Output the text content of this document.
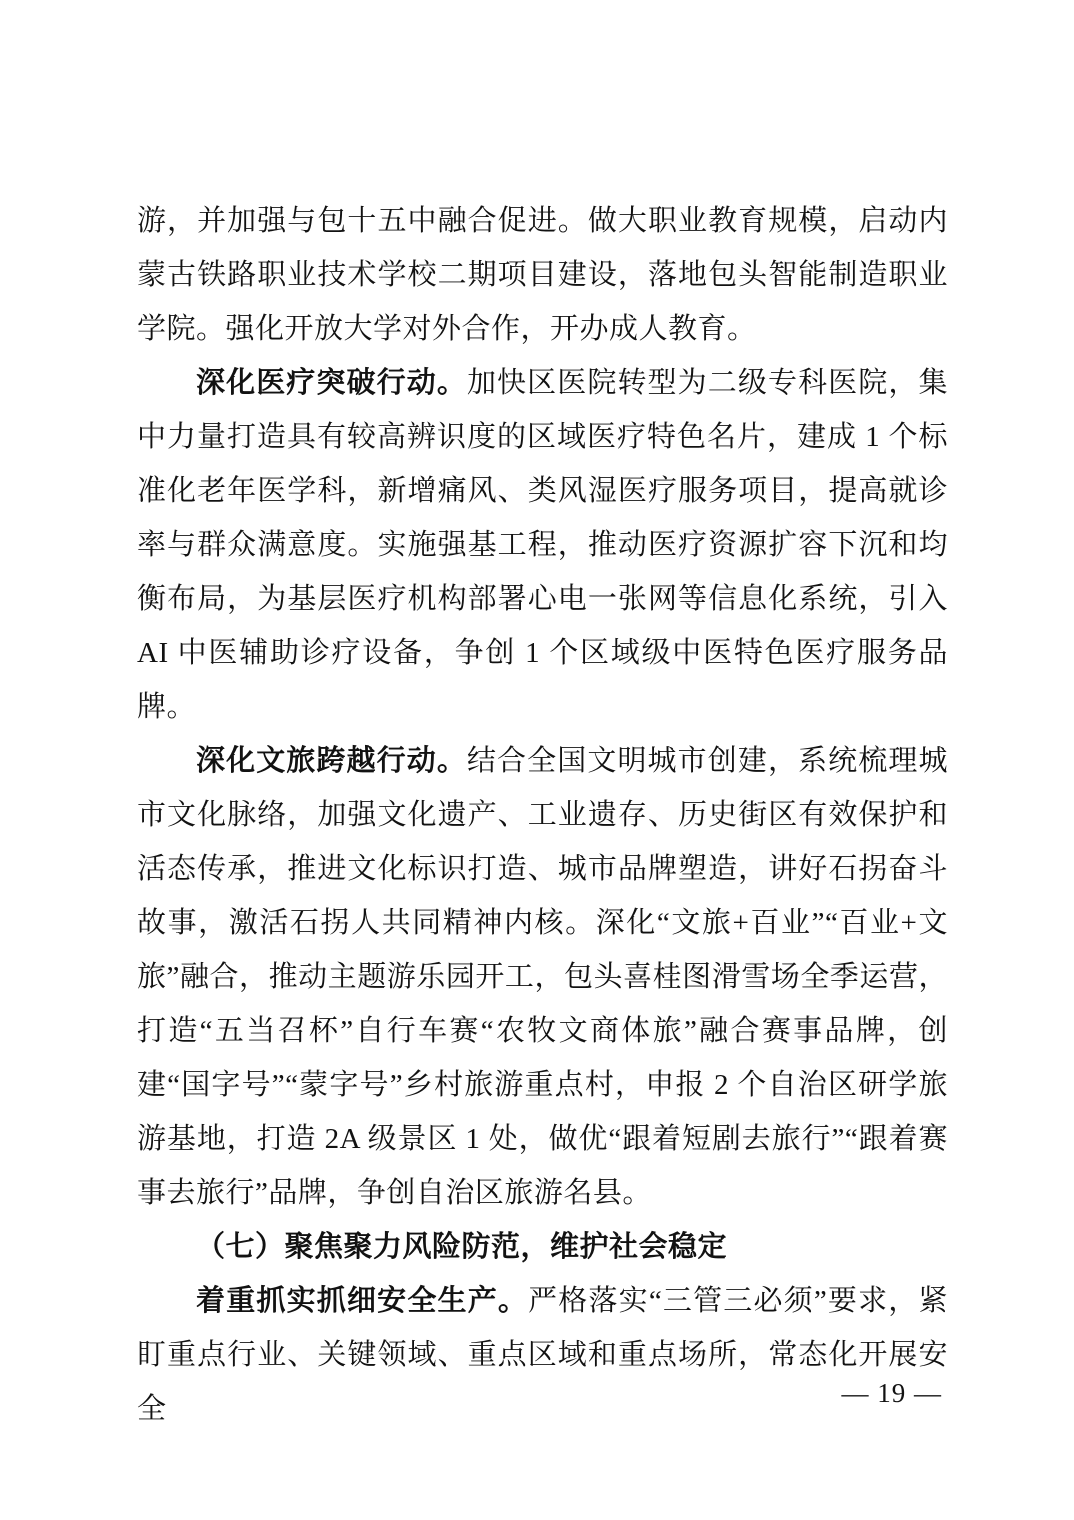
游，并加强与包十五中融合促进。做大职业教育规模，启动内蒙古铁路职业技术学校二期项目建设，落地包头智能制造职业学院。强化开放大学对外合作，开办成人教育。

深化医疗突破行动。加快区医院转型为二级专科医院，集中力量打造具有较高辨识度的区域医疗特色名片，建成 1 个标准化老年医学科，新增痛风、类风湿医疗服务项目，提高就诊率与群众满意度。实施强基工程，推动医疗资源扩容下沉和均衡布局，为基层医疗机构部署心电一张网等信息化系统，引入 AI 中医辅助诊疗设备，争创 1 个区域级中医特色医疗服务品牌。

深化文旅跨越行动。结合全国文明城市创建，系统梳理城市文化脉络，加强文化遗产、工业遗存、历史街区有效保护和活态传承，推进文化标识打造、城市品牌塑造，讲好石拐奋斗故事，激活石拐人共同精神内核。深化“文旅+百业”“百业+文旅”融合，推动主题游乐园开工，包头喜桂图滑雪场全季运营，打造“五当召杯”自行车赛“农牧文商体旅”融合赛事品牌，创建“国字号”“蒙字号”乡村旅游重点村，申报 2 个自治区研学旅游基地，打造 2A 级景区 1 处，做优“跟着短剧去旅行”“跟着赛事去旅行”品牌，争创自治区旅游名县。

（七）聚焦聚力风险防范，维护社会稳定

着重抓实抓细安全生产。严格落实“三管三必须”要求，紧盯重点行业、关键领域、重点区域和重点场所，常态化开展安全	— 19 —
